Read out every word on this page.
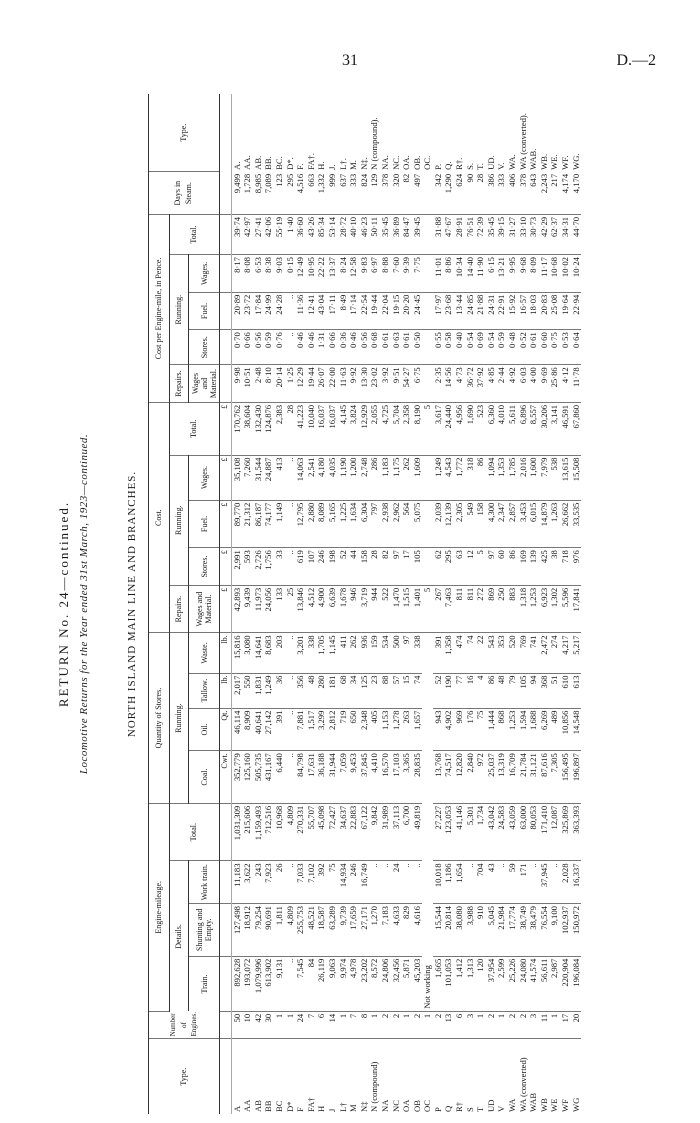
31	D.—2
RETURN No. 24—continued. Locomotive Returns for the Year ended 31st March, 1923—continued.	NORTH ISLAND MAIN LINE AND BRANCHES.
Type.	Number of Engines.	Engine-mileage.				Quantity of Stores.				Cost.					Cost per Engine-mile, in Pence.					Days in Steam.	Type.
		Details.			Total.	Running.				Repairs.	Running.			Total.	Repairs.	Running.			Total.		
		Train.	Shunting and Empty.	Work train.		Coal.	Oil.	Tallow.	Waste.	Wages and Material.	Stores.	Fuel.	Wages.		Wages and Material.	Stores.	Fuel.	Wages.			
						Cwt.	Qt.	lb.	lb.	£	£	£	£	£							
A	50	892,628	127,498	11,183	1,031,309	352,779	46,114	2,017	15,816	42,893	2,991	89,770	35,108	170,762	9·98	0·70	20·89	8·17	39·74	9,499	A.
AA	10	193,072	18,912	3,622	215,606	125,160	8,909	550	3,080	9,439	593	21,312	7,260	38,604	10·51	0·66	23·72	8·08	42·97	1,728	AA.
AB	42	1,079,996	79,254	243	1,159,493	505,735	40,641	1,831	14,641	11,973	2,726	86,187	31,544	132,430	2·48	0·56	17·84	6·53	27·41	8,985	AB.
BB	30	613,902	90,691	7,923	712,516	431,167	27,142	1,249	8,683	24,056	1,756	74,177	24,887	124,876	8·10	0·59	24·99	8·38	42·06	7,089	BB.
BC	1	9,131	1,811	26	10,968	6,440	391	36	203	133	33	1,149	413	2,383	20·14	0·76	24·28	9·03	55·19	123	BC.
D*	1	..	4,809	..	4,809	..	..	..	..	25	..	..	..	28	1·25	..	..	0·15	1·40	295	D*.
F	24	7,545	255,753	7,033	270,331	84,798	7,881	356	3,201	13,846	619	12,795	14,063	41,223	12·29	0·46	11·36	12·49	36·60	4,516	F.
FA†	7	84	48,521	7,102	55,707	17,631	1,517	48	338	4,512	107	2,880	2,541	10,040	19·44	0·46	12·41	10·95	43·26	663	FA†.
H	6	26,119	18,587	392	45,098	36,188	3,299	280	1,705	4,900	246	8,089	4,180	16,037	26·07	1·31	43·04	22·22	85·34	1,332	H.
J	14	9,063	63,289	75	72,427	31,944	2,812	181	1,145	6,639	198	5,165	4,035	16,037	22·00	0·66	17·11	13·37	53·14	999	J.
L†	1	9,974	9,739	14,934	34,637	7,059	719	68	411	1,678	52	1,225	1,190	4,145	11·63	0·36	8·49	8·24	28·72	637	L†.
M	7	4,978	17,659	246	22,883	9,453	650	34	262	946	44	1,634	1,200	3,824	9·92	0·46	17·14	12·58	40·10	333	M.
N‡	8	23,202	27,171	16,749	67,122	37,845	2,348	125	936	3,719	158	6,304	2,748	12,929	13·30	0·56	22·54	9·83	46·23	824	N‡.
N (compound)	1	8,572	1,270	..	9,842	4,410	405	23	159	944	28	797	286	2,055	23·02	0·68	19·44	6·97	50·11	129	N (compound).
NA	2	24,806	7,183	..	31,989	16,570	1,153	88	534	522	82	2,938	1,183	4,725	3·92	0·61	22·04	8·88	35·45	378	NA.
NC	2	32,456	4,633	24	37,113	17,103	1,278	57	500	1,470	97	2,962	1,175	5,704	9·51	0·63	19·15	7·60	36·89	320	NC.
OA	1	5,871	829	..	6,700	3,365	263	15	97	1,515	17	564	262	2,358	54·27	0·61	20·20	9·39	84·47	82	OA.
OB	2	45,203	4,616	..	49,819	28,835	1,657	74	338	1,401	105	5,075	1,609	8,190	6·75	0·50	24·45	7·75	39·45	497	OB.
OC	1	Not working								5				5							OC.
P	2	1,665	15,544	10,018	27,227	13,768	943	52	391	267	62	2,039	1,249	3,617	2·35	0·55	17·97	11·01	31·88	342	P.
Q	13	101,053	20,814	1,186	123,053	74,517	4,902	190	1,358	7,463	295	12,139	4,543	24,440	14·56	0·58	23·68	8·86	47·67	1,290	Q.
R†	6	1,412	38,080	1,654	41,146	12,820	969	77	474	811	63	2,305	1,772	4,956	4·73	0·40	13·44	10·34	28·91	624	R†.
S	3	1,313	3,988	..	5,301	2,840	176	16	74	811	12	549	318	1,690	36·72	0·54	24·85	14·40	76·51	90	S.
T	1	120	910	704	1,734	972	75	4	22	272	5	158	86	523	37·92	0·69	21·88	11·90	72·39	28	T.
UD	2	37,954	5,045	43	43,042	25,037	1,444	86	543	869	97	4,300	1,094	6,360	4·85	0·54	24·31	6·15	35·45	386	UD.
V	1	2,599	21,984	..	24,583	13,319	868	48	353	250	60	2,347	1,353	4,010	2·44	0·59	22·91	13·21	39·15	333	V.
WA	2	25,226	17,774	59	43,059	16,709	1,253	79	520	883	86	2,857	1,785	5,611	4·92	0·48	15·92	9·95	31·27	406	WA.
WA (converted)	2	24,080	38,749	171	63,000	21,784	1,594	105	769	1,318	169	3,453	2,016	6,896	6·03	0·52	16·57	9·68	33·10	378	WA (converted).
WAB	3	41,574	38,479	..	80,053	31,121	1,688	94	741	1,253	139	6,015	1,600	8,557	4·00	0·61	18·03	8·09	30·73	643	WAB.
WB	11	56,611	76,554	37,945	171,410	87,616	6,269	368	2,472	6,923	425	14,879	7,979	30,206	9·69	0·60	20·83	11·17	42·29	2,243	WB.
WE	1	2,987	9,100	..	12,087	7,305	489	51	274	1,302	38	1,263	538	3,141	25·86	0·75	25·08	10·68	62·37	217	WE.
WF	17	220,904	102,937	2,028	325,869	156,495	10,856	610	4,217	5,596	718	26,662	13,615	46,591	4·12	0·53	19·64	10·02	34·31	4,174	WF.
WG	20	196,084	150,972	16,337	363,393	196,897	14,548	613	5,217	17,841	976	33,535	15,508	67,860	11·78	0·64	22·94	10·24	44·70	4,170	WG.
